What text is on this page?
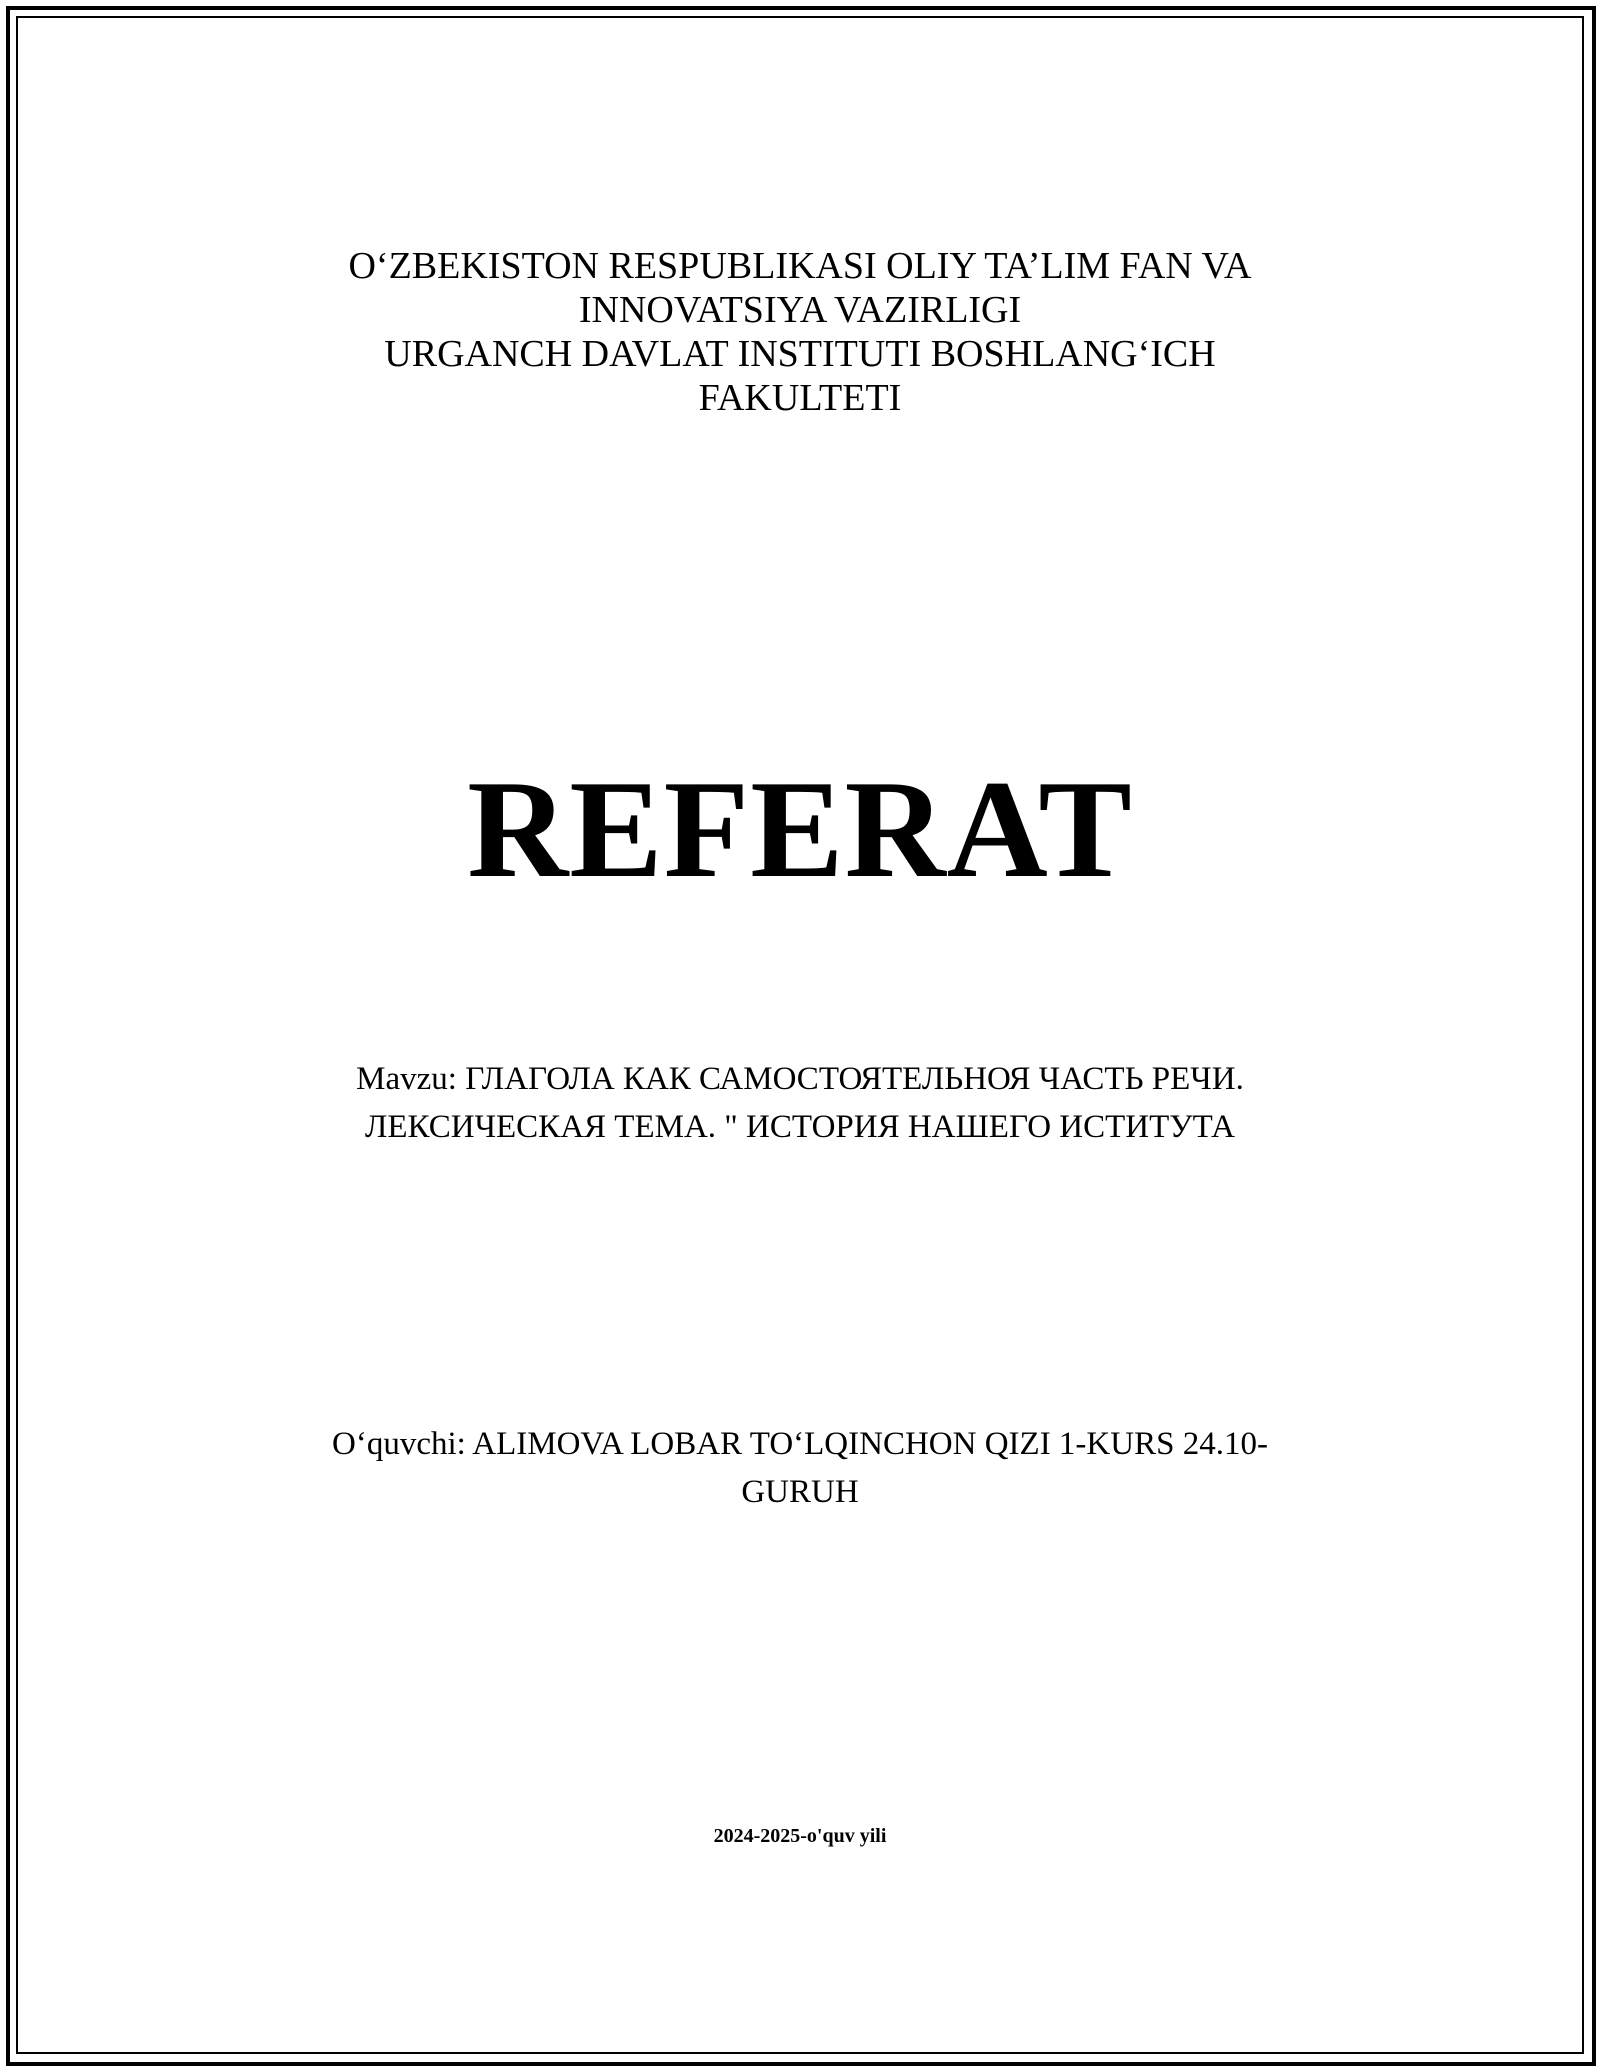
O‘ZBEKISTON RESPUBLIKASI OLIY TA’LIM FAN VA
INNOVATSIYA VAZIRLIGI
URGANCH DAVLAT INSTITUTI BOSHLANG‘ICH
FAKULTETI
REFERAT
Mavzu: ГЛАГОЛА КАК САМОСТОЯТЕЛЬНОЯ ЧАСТЬ РЕЧИ.
ЛЕКСИЧЕСКАЯ ТЕМА. " ИСТОРИЯ НАШЕГО ИСТИТУТА
O‘quvchi: ALIMOVA LOBAR TO‘LQINCHON QIZI 1-KURS 24.10-
GURUH
2024-2025-o'quv yili
